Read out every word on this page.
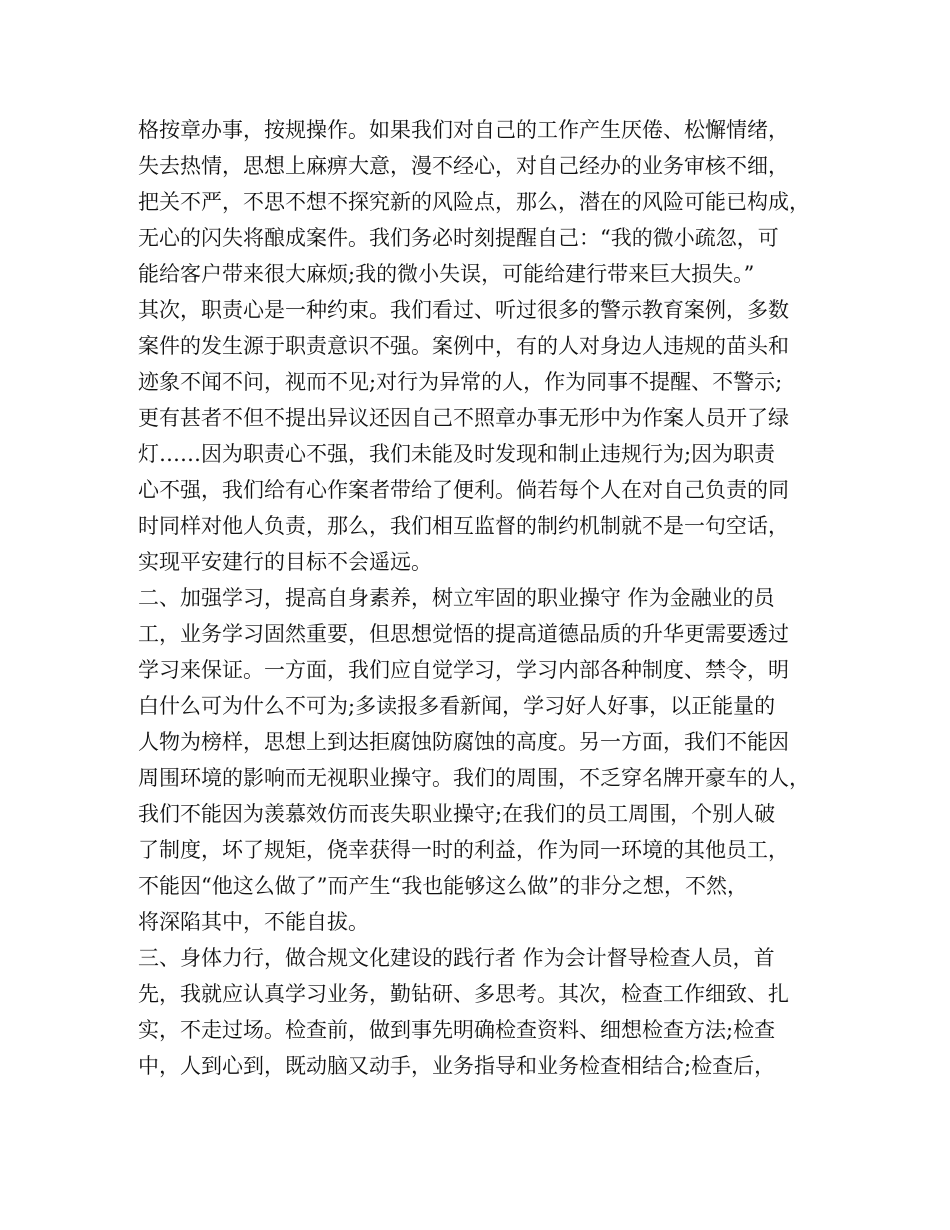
格按章办事，按规操作。如果我们对自己的工作产生厌倦、松懈情绪，
失去热情，思想上麻痹大意，漫不经心，对自己经办的业务审核不细，
把关不严，不思不想不探究新的风险点，那么，潜在的风险可能已构成，
无心的闪失将酿成案件。我们务必时刻提醒自己：“我的微小疏忽，可
能给客户带来很大麻烦;我的微小失误，可能给建行带来巨大损失。”
其次，职责心是一种约束。我们看过、听过很多的警示教育案例，多数
案件的发生源于职责意识不强。案例中，有的人对身边人违规的苗头和
迹象不闻不问，视而不见;对行为异常的人，作为同事不提醒、不警示;
更有甚者不但不提出异议还因自己不照章办事无形中为作案人员开了绿
灯……因为职责心不强，我们未能及时发现和制止违规行为;因为职责
心不强，我们给有心作案者带给了便利。倘若每个人在对自己负责的同
时同样对他人负责，那么，我们相互监督的制约机制就不是一句空话，
实现平安建行的目标不会遥远。
二、加强学习，提高自身素养，树立牢固的职业操守 作为金融业的员
工，业务学习固然重要，但思想觉悟的提高道德品质的升华更需要透过
学习来保证。一方面，我们应自觉学习，学习内部各种制度、禁令，明
白什么可为什么不可为;多读报多看新闻，学习好人好事，以正能量的
人物为榜样，思想上到达拒腐蚀防腐蚀的高度。另一方面，我们不能因
周围环境的影响而无视职业操守。我们的周围，不乏穿名牌开豪车的人，
我们不能因为羡慕效仿而丧失职业操守;在我们的员工周围，个别人破
了制度，坏了规矩，侥幸获得一时的利益，作为同一环境的其他员工，
不能因“他这么做了”而产生“我也能够这么做”的非分之想，不然，
将深陷其中，不能自拔。
三、身体力行，做合规文化建设的践行者 作为会计督导检查人员，首
先，我就应认真学习业务，勤钻研、多思考。其次，检查工作细致、扎
实，不走过场。检查前，做到事先明确检查资料、细想检查方法;检查
中，人到心到，既动脑又动手，业务指导和业务检查相结合;检查后，
